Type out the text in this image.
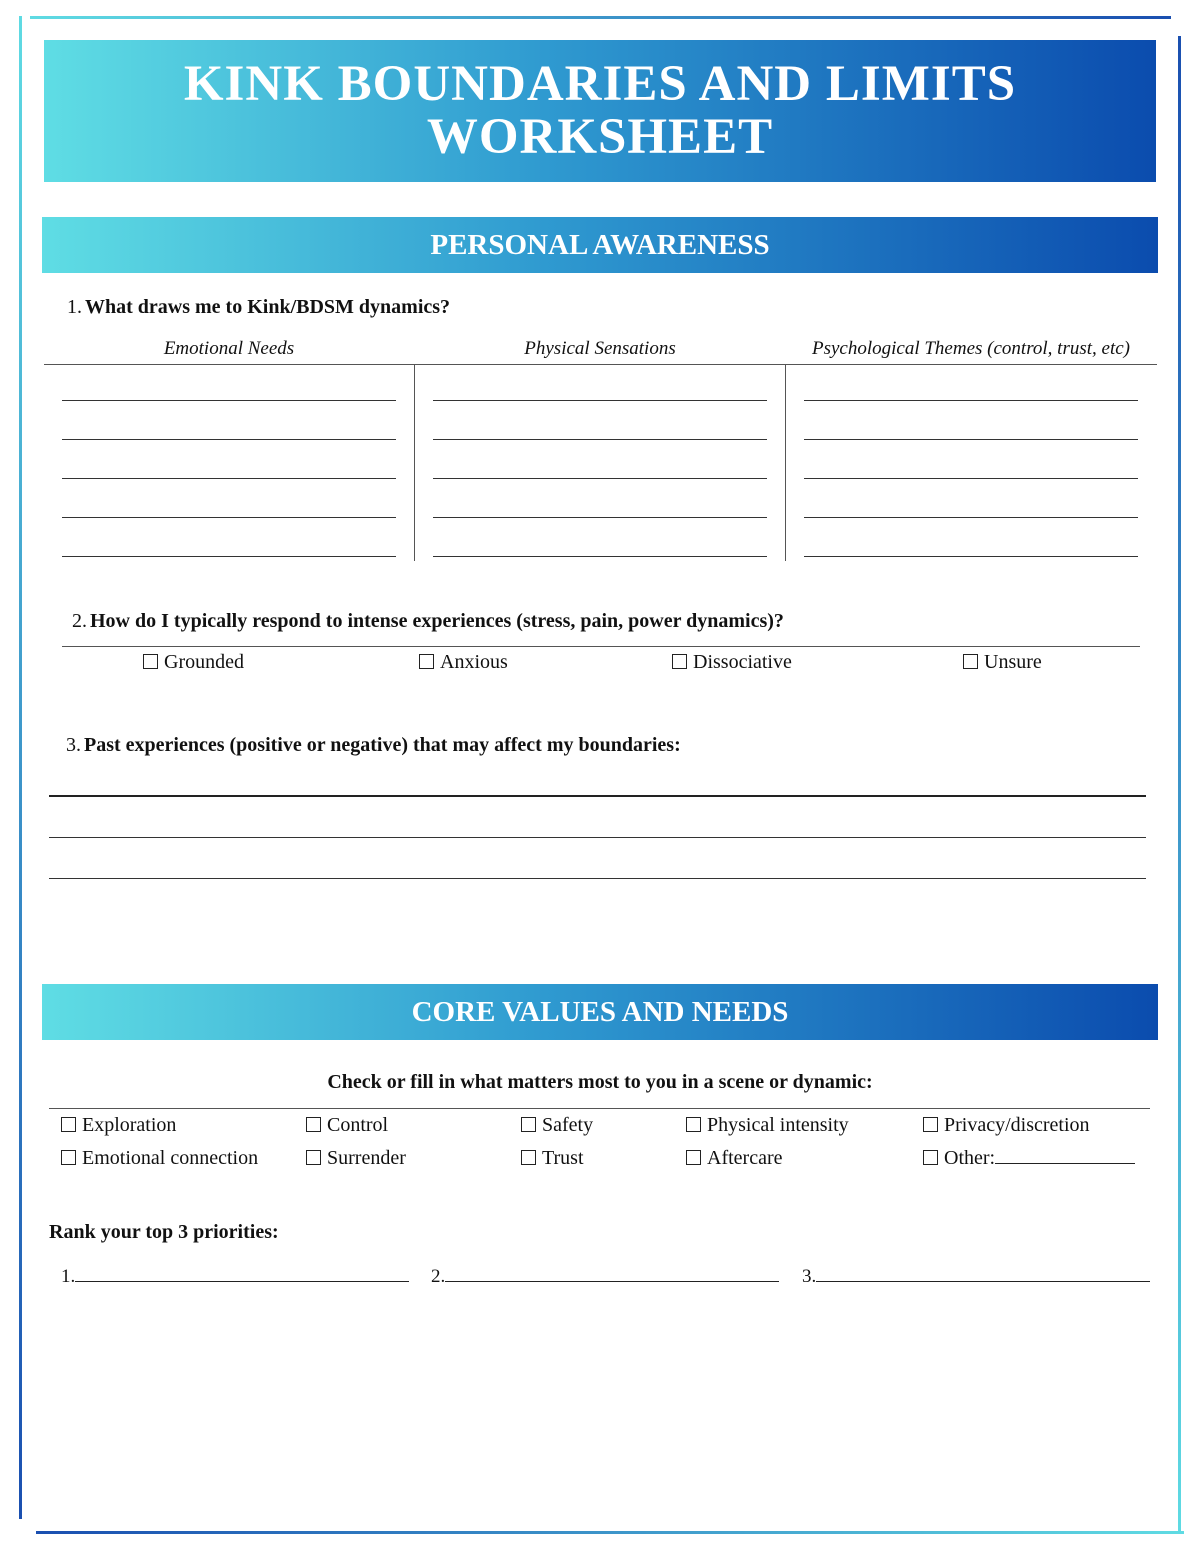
KINK BOUNDARIES AND LIMITS WORKSHEET
PERSONAL AWARENESS
1. What draws me to Kink/BDSM dynamics?
Emotional Needs	Physical Sensations	Psychological Themes (control, trust, etc)
2. How do I typically respond to intense experiences (stress, pain, power dynamics)?
Grounded	Anxious	Dissociative	Unsure
3. Past experiences (positive or negative) that may affect my boundaries:
CORE VALUES AND NEEDS
Check or fill in what matters most to you in a scene or dynamic:
Exploration	Control	Safety	Physical intensity	Privacy/discretion
Emotional connection	Surrender	Trust	Aftercare	Other:
Rank your top 3 priorities:
1.	2.	3.
